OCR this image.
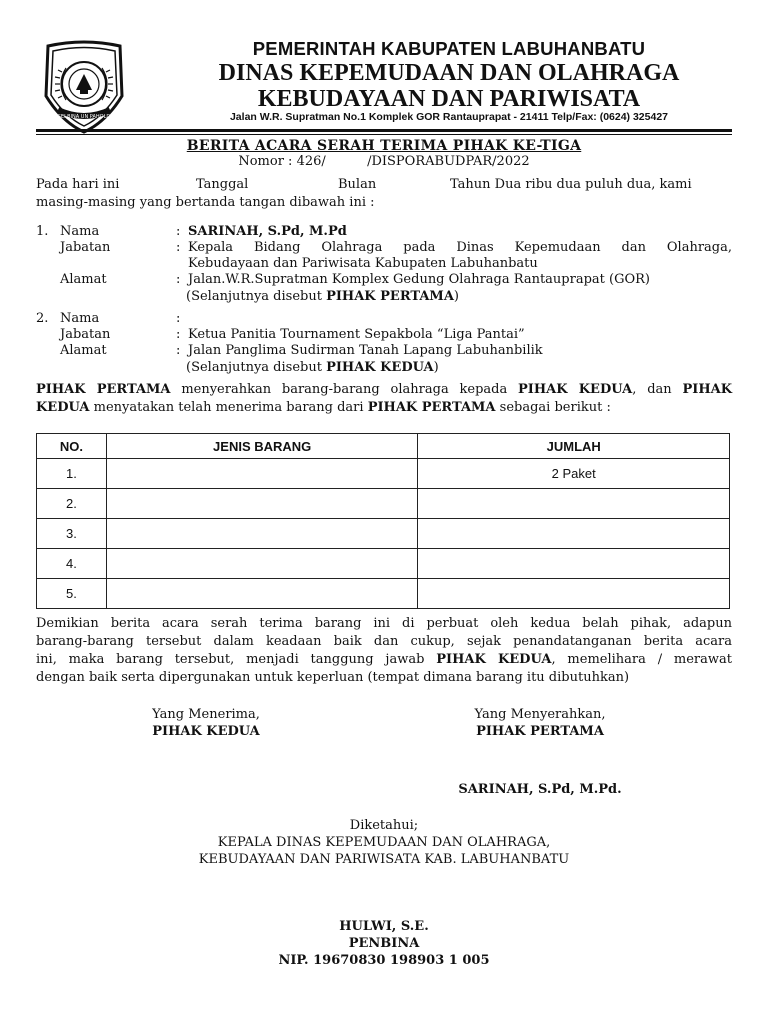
SEI BINA UN PAHOLD
PEMERINTAH KABUPATEN LABUHANBATU
DINAS KEPEMUDAAN DAN OLAHRAGA
KEBUDAYAAN DAN PARIWISATA
Jalan W.R. Supratman No.1 Komplek GOR Rantauprapat - 21411 Telp/Fax: (0624) 325427
BERITA ACARA SERAH TERIMA PIHAK KE-TIGA
Nomor : 426/          /DISPORABUDPAR/2022
Pada hari ini	Tanggal	Bulan	Tahun Dua ribu dua puluh dua, kami
masing-masing yang bertanda tangan dibawah ini :
1. Nama	: SARINAH, S.Pd, M.Pd
Jabatan	: Kepala Bidang Olahraga pada Dinas Kepemudaan dan Olahraga,
Kebudayaan dan Pariwisata Kabupaten Labuhanbatu
Alamat	: Jalan.W.R.Supratman Komplex Gedung Olahraga Rantauprapat (GOR)
(Selanjutnya disebut PIHAK PERTAMA)
2. Nama	:
Jabatan	: Ketua Panitia Tournament Sepakbola “Liga Pantai”
Alamat	: Jalan Panglima Sudirman Tanah Lapang Labuhanbilik
(Selanjutnya disebut PIHAK KEDUA)
PIHAK PERTAMA menyerahkan barang-barang olahraga kepada PIHAK KEDUA, dan PIHAK
KEDUA menyatakan telah menerima barang dari PIHAK PERTAMA sebagai berikut :
NO.	JENIS BARANG	JUMLAH
1.		2 Paket
2.		
3.		
4.		
5.		
Demikian berita acara serah terima barang ini di perbuat oleh kedua belah pihak, adapun
barang-barang tersebut dalam keadaan baik dan cukup, sejak penandatanganan berita acara
ini, maka barang tersebut, menjadi tanggung jawab PIHAK KEDUA, memelihara / merawat
dengan baik serta dipergunakan untuk keperluan (tempat dimana barang itu dibutuhkan)
Yang Menerima,
PIHAK KEDUA
Yang Menyerahkan,
PIHAK PERTAMA
SARINAH, S.Pd, M.Pd.
Diketahui;
KEPALA DINAS KEPEMUDAAN DAN OLAHRAGA,
KEBUDAYAAN DAN PARIWISATA KAB. LABUHANBATU
HULWI, S.E.
PENBINA
NIP. 19670830 198903 1 005
